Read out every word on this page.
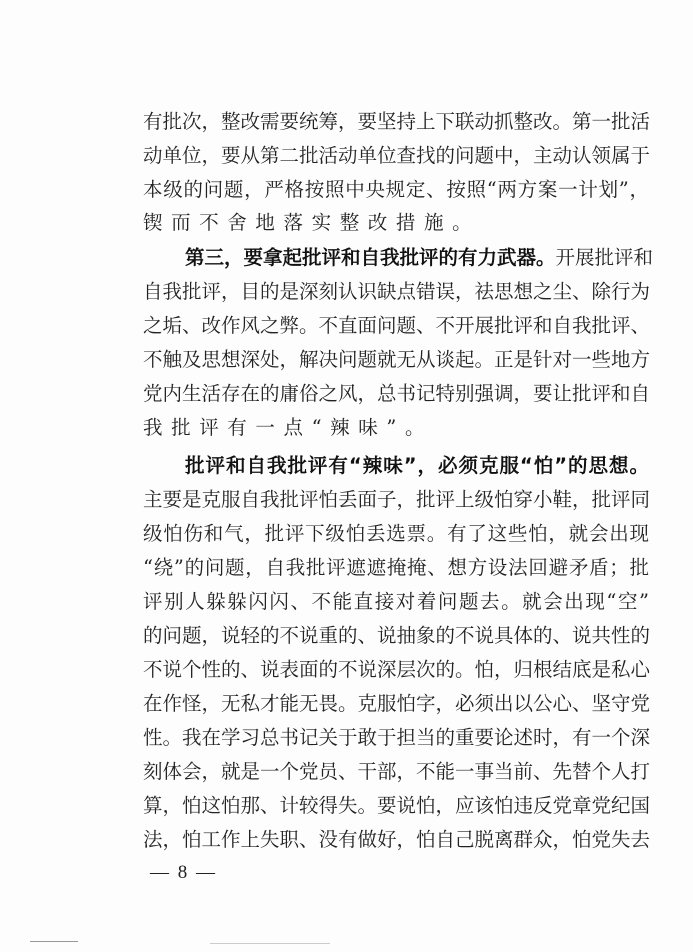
有批次，整改需要统筹，要坚持上下联动抓整改。第一批活
动单位，要从第二批活动单位查找的问题中，主动认领属于
本级的问题，严格按照中央规定、按照“两方案一计划”，
锲而不舍地落实整改措施。
第三，要拿起批评和自我批评的有力武器。开展批评和
自我批评，目的是深刻认识缺点错误，祛思想之尘、除行为
之垢、改作风之弊。不直面问题、不开展批评和自我批评、
不触及思想深处，解决问题就无从谈起。正是针对一些地方
党内生活存在的庸俗之风，总书记特别强调，要让批评和自
我批评有一点“辣味”。
批评和自我批评有“辣味”，必须克服“怕”的思想。
主要是克服自我批评怕丢面子，批评上级怕穿小鞋，批评同
级怕伤和气，批评下级怕丢选票。有了这些怕，就会出现
“绕”的问题，自我批评遮遮掩掩、想方设法回避矛盾；批
评别人躲躲闪闪、不能直接对着问题去。就会出现“空”
的问题，说轻的不说重的、说抽象的不说具体的、说共性的
不说个性的、说表面的不说深层次的。怕，归根结底是私心
在作怪，无私才能无畏。克服怕字，必须出以公心、坚守党
性。我在学习总书记关于敢于担当的重要论述时，有一个深
刻体会，就是一个党员、干部，不能一事当前、先替个人打
算，怕这怕那、计较得失。要说怕，应该怕违反党章党纪国
法，怕工作上失职、没有做好，怕自己脱离群众，怕党失去
— 8 —
